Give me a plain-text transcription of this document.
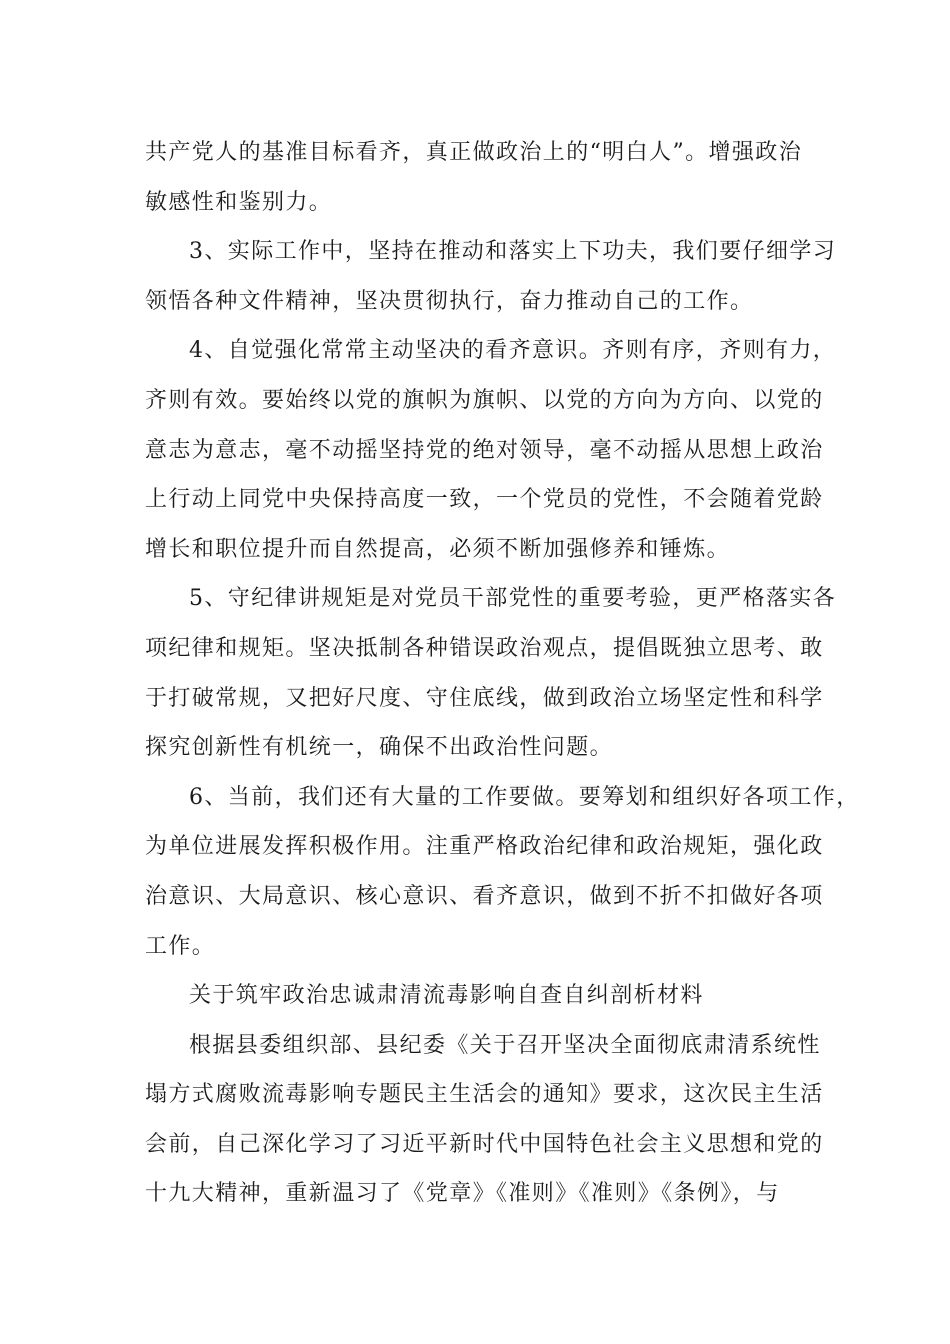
共产党人的基准目标看齐，真正做政治上的“明白人”。增强政治
敏感性和鉴别力。
3、实际工作中，坚持在推动和落实上下功夫，我们要仔细学习
领悟各种文件精神，坚决贯彻执行，奋力推动自己的工作。
4、自觉强化常常主动坚决的看齐意识。齐则有序，齐则有力，
齐则有效。要始终以党的旗帜为旗帜、以党的方向为方向、以党的
意志为意志，毫不动摇坚持党的绝对领导，毫不动摇从思想上政治
上行动上同党中央保持高度一致，一个党员的党性，不会随着党龄
增长和职位提升而自然提高，必须不断加强修养和锤炼。
5、守纪律讲规矩是对党员干部党性的重要考验，更严格落实各
项纪律和规矩。坚决抵制各种错误政治观点，提倡既独立思考、敢
于打破常规，又把好尺度、守住底线，做到政治立场坚定性和科学
探究创新性有机统一，确保不出政治性问题。
6、当前，我们还有大量的工作要做。要筹划和组织好各项工作，
为单位进展发挥积极作用。注重严格政治纪律和政治规矩，强化政
治意识、大局意识、核心意识、看齐意识，做到不折不扣做好各项
工作。
关于筑牢政治忠诚肃清流毒影响自查自纠剖析材料
根据县委组织部、县纪委《关于召开坚决全面彻底肃清系统性
塌方式腐败流毒影响专题民主生活会的通知》要求，这次民主生活
会前，自己深化学习了习近平新时代中国特色社会主义思想和党的
十九大精神，重新温习了《党章》《准则》《准则》《条例》，与
